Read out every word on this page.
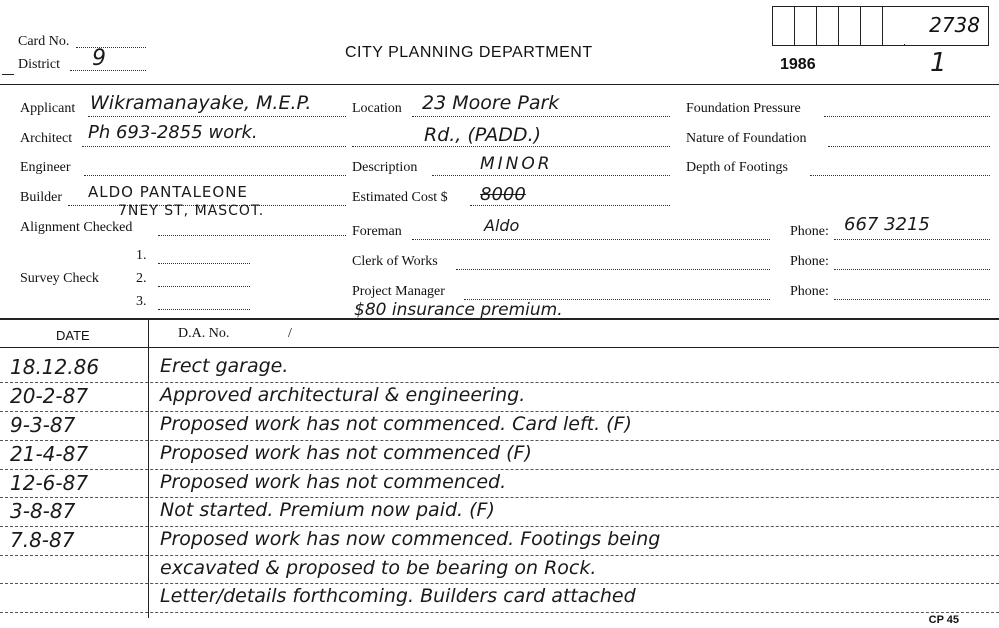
Card No.
District 9	CITY PLANNING DEPARTMENT
1986
2738
1
Applicant Wikramanayake, M.E.P.
Architect Ph 693-2855 work.
Engineer
Builder ALDO PANTALEONE
7NEY ST, MASCOT.
Alignment Checked
Survey Check
1.
2.
3.
Location 23 Moore Park
Rd., (PADD.)
Description	MINOR
Estimated Cost $ 8000
Foreman	Aldo
Clerk of Works
Project Manager
$80 insurance premium.
Foundation Pressure
Nature of Foundation
Depth of Footings
Phone: 667 3215
Phone:
Phone:
DATE	D.A. No.	/
18.12.86	Erect garage.
20-2-87	Approved architectural & engineering.
9-3-87	Proposed work has not commenced. Card left. (F)
21-4-87	Proposed work has not commenced (F)
12-6-87	Proposed work has not commenced.
3-8-87	Not started. Premium now paid. (F)
7.8-87	Proposed work has now commenced. Footings being
excavated & proposed to be bearing on Rock.
Letter/details forthcoming. Builders card attached
CP 45
